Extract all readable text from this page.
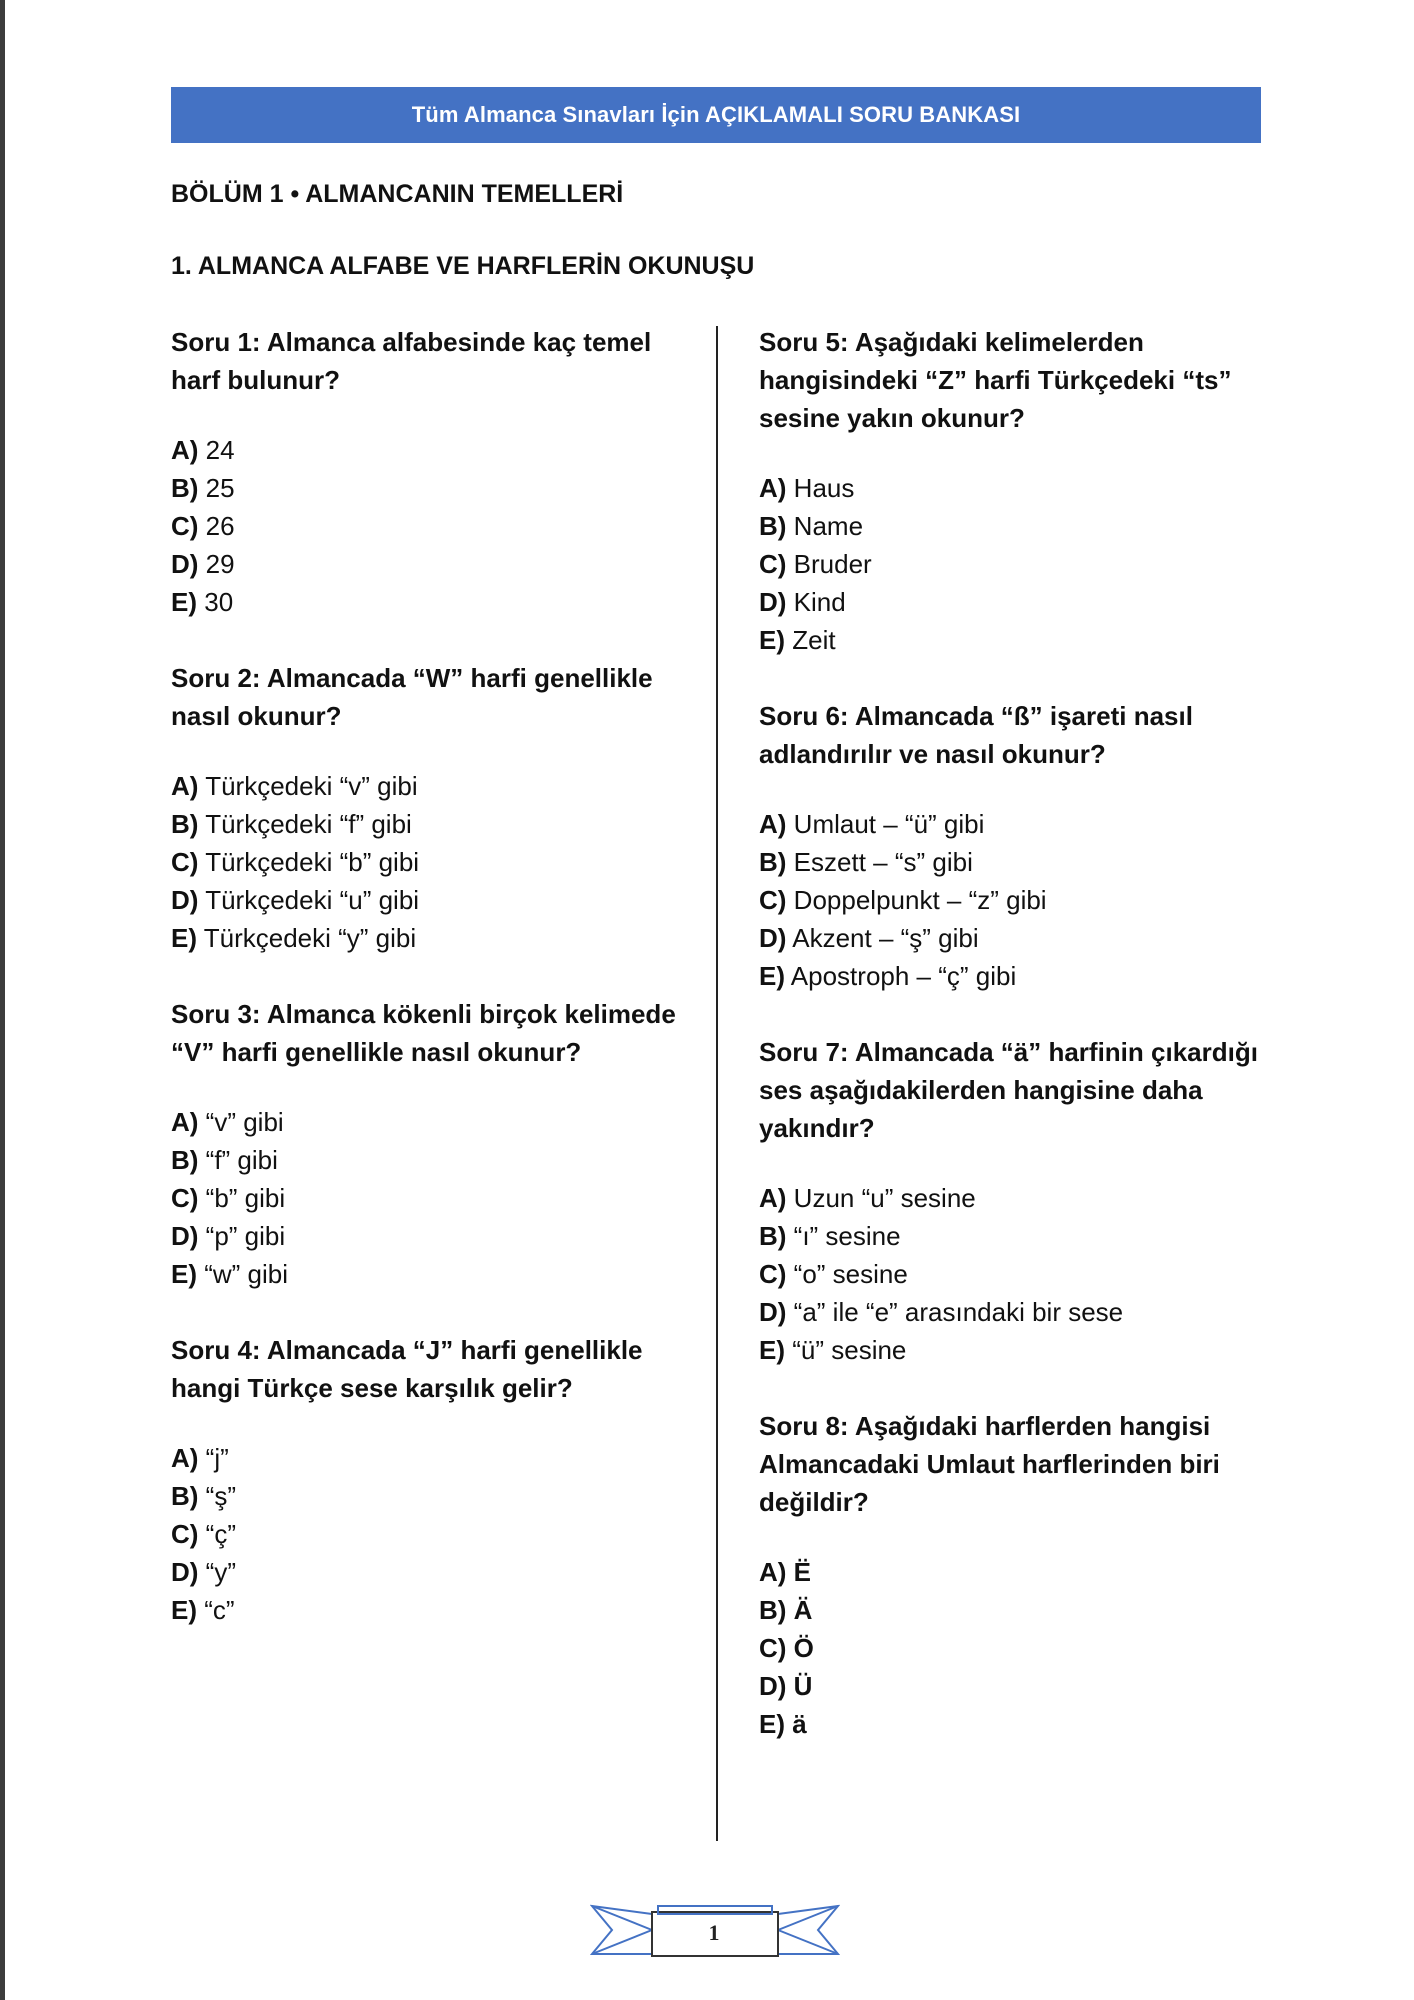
Tüm Almanca Sınavları İçin AÇIKLAMALI SORU BANKASI
BÖLÜM 1 • ALMANCANIN TEMELLERİ
1. ALMANCA ALFABE VE HARFLERİN OKUNUŞU
Soru 1: Almanca alfabesinde kaç temel harf bulunur?
A) 24
B) 25
C) 26
D) 29
E) 30
Soru 2: Almancada “W” harfi genellikle nasıl okunur?
A) Türkçedeki “v” gibi
B) Türkçedeki “f” gibi
C) Türkçedeki “b” gibi
D) Türkçedeki “u” gibi
E) Türkçedeki “y” gibi
Soru 3: Almanca kökenli birçok kelimede “V” harfi genellikle nasıl okunur?
A) “v” gibi
B) “f” gibi
C) “b” gibi
D) “p” gibi
E) “w” gibi
Soru 4: Almancada “J” harfi genellikle hangi Türkçe sese karşılık gelir?
A) “j”
B) “ş”
C) “ç”
D) “y”
E) “c”
Soru 5: Aşağıdaki kelimelerden hangisindeki “Z” harfi Türkçedeki “ts” sesine yakın okunur?
A) Haus
B) Name
C) Bruder
D) Kind
E) Zeit
Soru 6: Almancada “ß” işareti nasıl adlandırılır ve nasıl okunur?
A) Umlaut – “ü” gibi
B) Eszett – “s” gibi
C) Doppelpunkt – “z” gibi
D) Akzent – “ş” gibi
E) Apostroph – “ç” gibi
Soru 7: Almancada “ä” harfinin çıkardığı ses aşağıdakilerden hangisine daha yakındır?
A) Uzun “u” sesine
B) “ı” sesine
C) “o” sesine
D) “a” ile “e” arasındaki bir sese
E) “ü” sesine
Soru 8: Aşağıdaki harflerden hangisi Almancadaki Umlaut harflerinden biri değildir?
A) Ë
B) Ä
C) Ö
D) Ü
E) ä
1
